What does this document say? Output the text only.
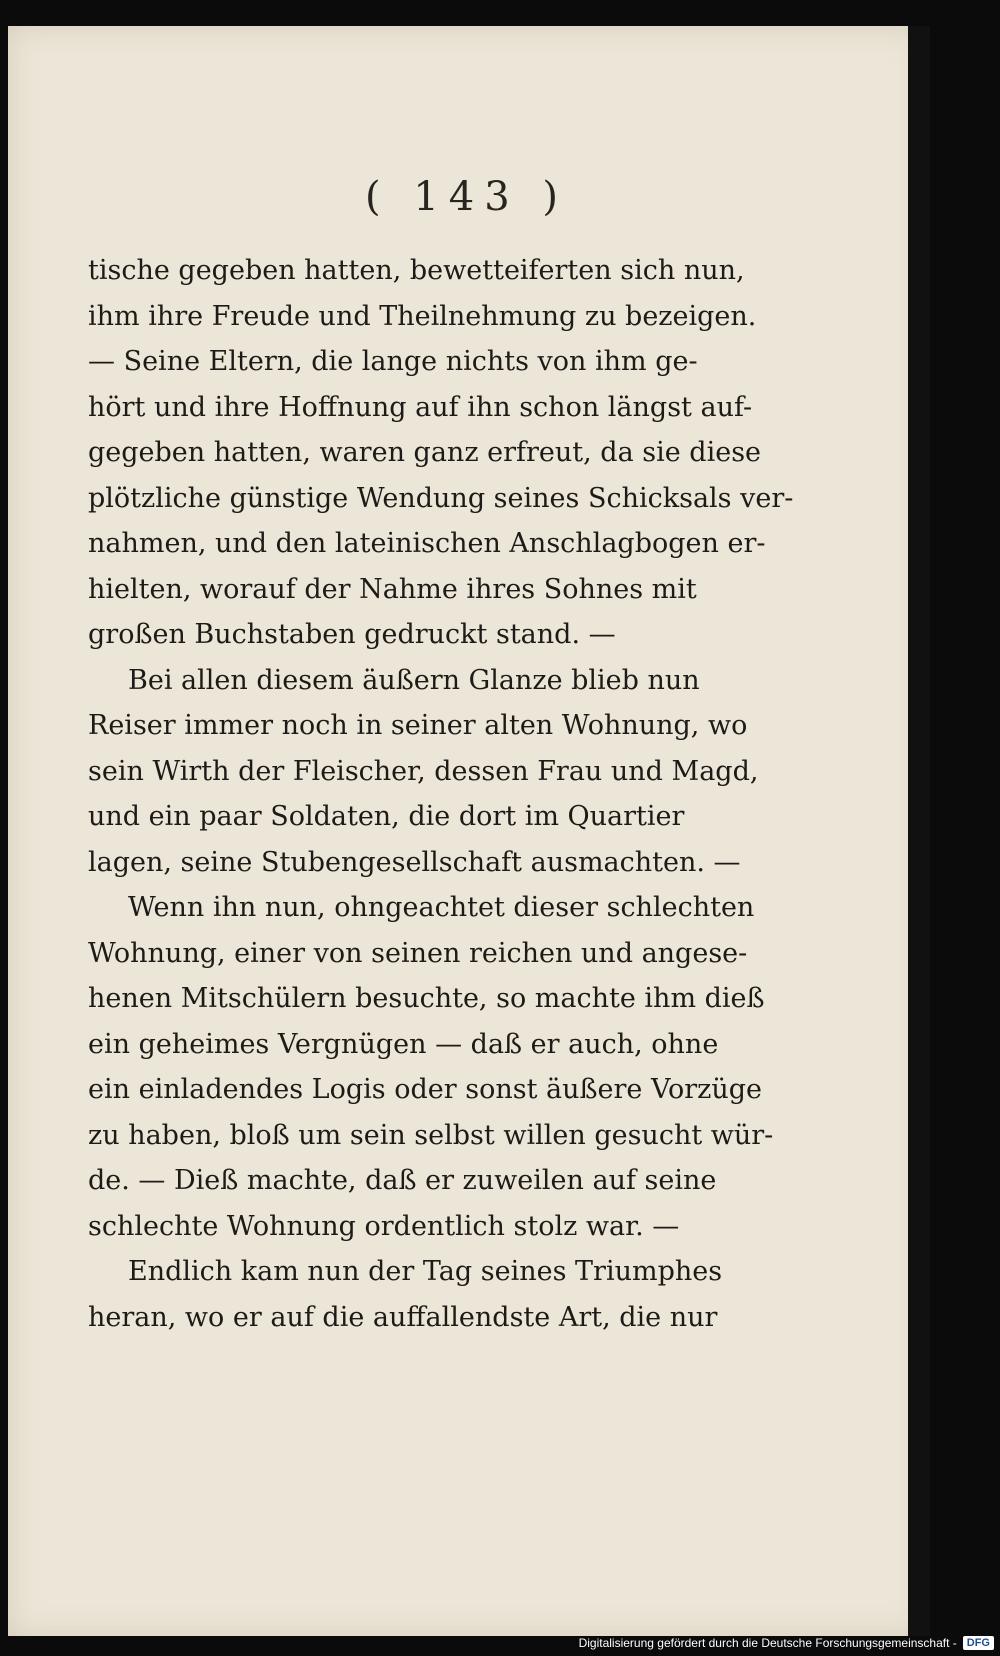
( 143 )
tische gegeben hatten, bewetteiferten sich nun,
ihm ihre Freude und Theilnehmung zu bezeigen.
— Seine Eltern, die lange nichts von ihm ge-
hört und ihre Hoffnung auf ihn schon längst auf-
gegeben hatten, waren ganz erfreut, da sie diese
plötzliche günstige Wendung seines Schicksals ver-
nahmen, und den lateinischen Anschlagbogen er-
hielten, worauf der Nahme ihres Sohnes mit
großen Buchstaben gedruckt stand. —
Bei allen diesem äußern Glanze blieb nun
Reiser immer noch in seiner alten Wohnung, wo
sein Wirth der Fleischer, dessen Frau und Magd,
und ein paar Soldaten, die dort im Quartier
lagen, seine Stubengesellschaft ausmachten. —
Wenn ihn nun, ohngeachtet dieser schlechten
Wohnung, einer von seinen reichen und angese-
henen Mitschülern besuchte, so machte ihm dieß
ein geheimes Vergnügen — daß er auch, ohne
ein einladendes Logis oder sonst äußere Vorzüge
zu haben, bloß um sein selbst willen gesucht wür-
de. — Dieß machte, daß er zuweilen auf seine
schlechte Wohnung ordentlich stolz war. —
Endlich kam nun der Tag seines Triumphes
heran, wo er auf die auffallendste Art, die nur
Digitalisierung gefördert durch die Deutsche Forschungsgemeinschaft - DFG
